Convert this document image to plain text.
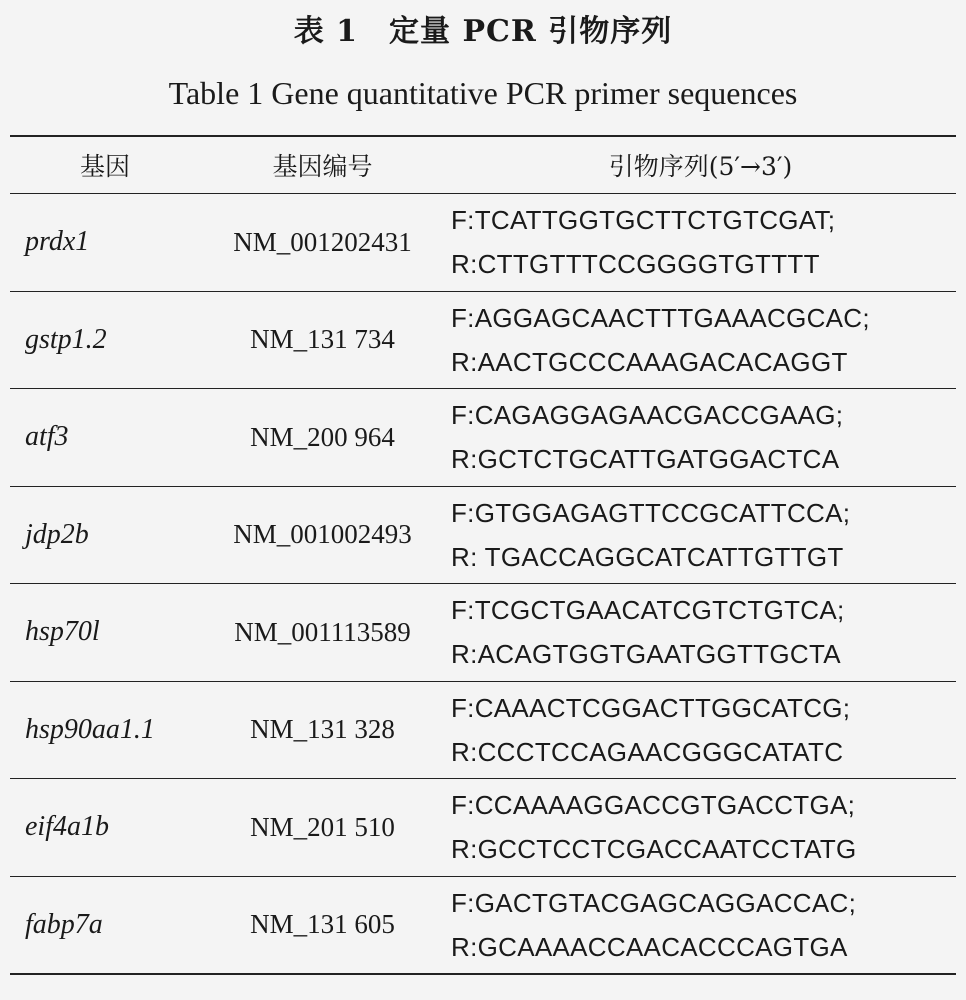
表 1　定量 PCR 引物序列
Table 1 Gene quantitative PCR primer sequences
基因	基因编号	引物序列(5′→3′)
prdx1	NM_001202431
F:TCATTGGTGCTTCTGTCGAT;
R:CTTGTTTCCGGGGTGTTTT
gstp1.2	NM_131 734
F:AGGAGCAACTTTGAAACGCAC;
R:AACTGCCCAAAGACACAGGT
atf3	NM_200 964
F:CAGAGGAGAACGACCGAAG;
R:GCTCTGCATTGATGGACTCA
jdp2b	NM_001002493
F:GTGGAGAGTTCCGCATTCCA;
R: TGACCAGGCATCATTGTTGT
hsp70l	NM_001113589
F:TCGCTGAACATCGTCTGTCA;
R:ACAGTGGTGAATGGTTGCTA
hsp90aa1.1	NM_131 328
F:CAAACTCGGACTTGGCATCG;
R:CCCTCCAGAACGGGCATATC
eif4a1b	NM_201 510
F:CCAAAAGGACCGTGACCTGA;
R:GCCTCCTCGACCAATCCTATG
fabp7a	NM_131 605
F:GACTGTACGAGCAGGACCAC;
R:GCAAAACCAACACCCAGTGA
